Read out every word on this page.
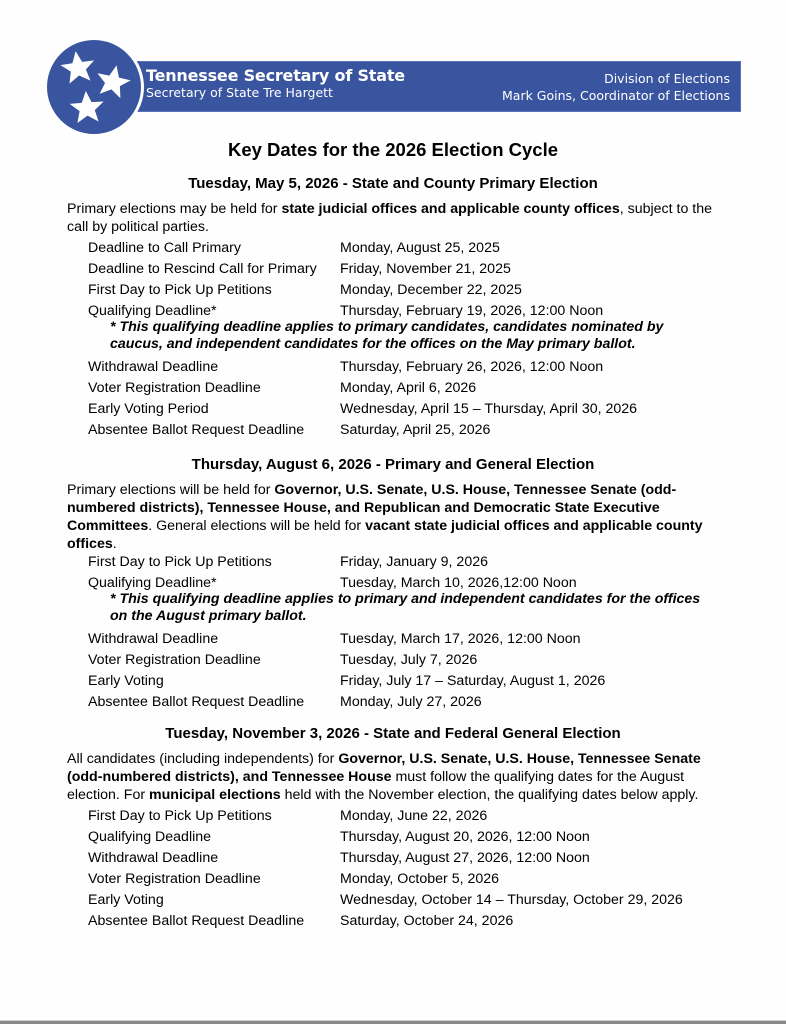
Tennessee Secretary of State
Secretary of State Tre Hargett
Division of Elections
Mark Goins, Coordinator of Elections
Key Dates for the 2026 Election Cycle
Tuesday, May 5, 2026 - State and County Primary Election
Primary elections may be held for state judicial offices and applicable county offices, subject to the call by political parties.
Deadline to Call Primary	Monday, August 25, 2025
Deadline to Rescind Call for Primary	Friday, November 21, 2025
First Day to Pick Up Petitions	Monday, December 22, 2025
Qualifying Deadline*	Thursday, February 19, 2026, 12:00 Noon
* This qualifying deadline applies to primary candidates, candidates nominated by caucus, and independent candidates for the offices on the May primary ballot.
Withdrawal Deadline	Thursday, February 26, 2026, 12:00 Noon
Voter Registration Deadline	Monday, April 6, 2026
Early Voting Period	Wednesday, April 15 – Thursday, April 30, 2026
Absentee Ballot Request Deadline	Saturday, April 25, 2026
Thursday, August 6, 2026 - Primary and General Election
Primary elections will be held for Governor, U.S. Senate, U.S. House, Tennessee Senate (odd-numbered districts), Tennessee House, and Republican and Democratic State Executive Committees. General elections will be held for vacant state judicial offices and applicable county offices.
First Day to Pick Up Petitions	Friday, January 9, 2026
Qualifying Deadline*	Tuesday, March 10, 2026,12:00 Noon
* This qualifying deadline applies to primary and independent candidates for the offices on the August primary ballot.
Withdrawal Deadline	Tuesday, March 17, 2026, 12:00 Noon
Voter Registration Deadline	Tuesday, July 7, 2026
Early Voting	Friday, July 17 – Saturday, August 1, 2026
Absentee Ballot Request Deadline	Monday, July 27, 2026
Tuesday, November 3, 2026 - State and Federal General Election
All candidates (including independents) for Governor, U.S. Senate, U.S. House, Tennessee Senate (odd-numbered districts), and Tennessee House must follow the qualifying dates for the August election. For municipal elections held with the November election, the qualifying dates below apply.
First Day to Pick Up Petitions	Monday, June 22, 2026
Qualifying Deadline	Thursday, August 20, 2026, 12:00 Noon
Withdrawal Deadline	Thursday, August 27, 2026, 12:00 Noon
Voter Registration Deadline	Monday, October 5, 2026
Early Voting	Wednesday, October 14 – Thursday, October 29, 2026
Absentee Ballot Request Deadline	Saturday, October 24, 2026
